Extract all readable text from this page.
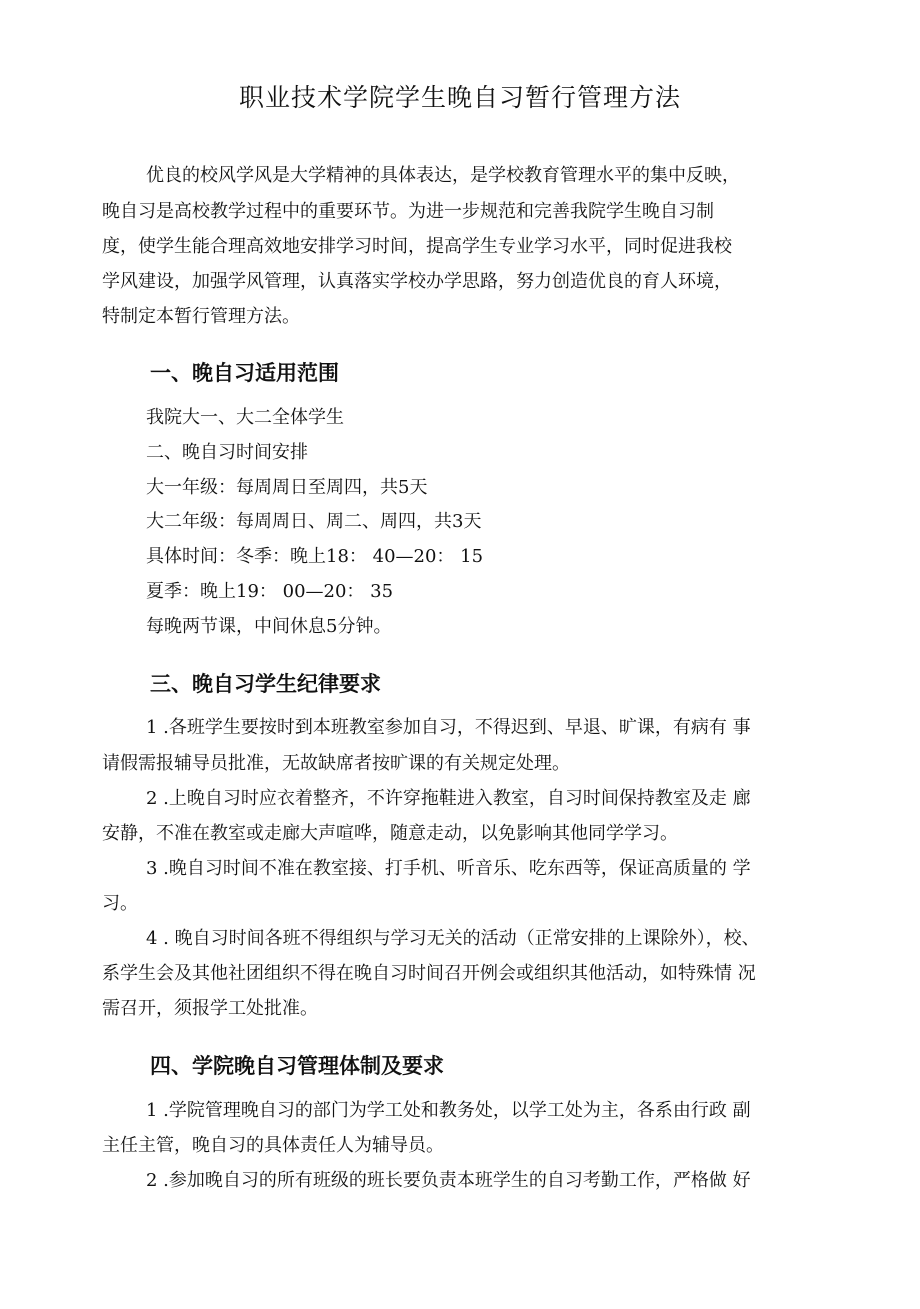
职业技术学院学生晚自习暂行管理方法
优良的校风学风是大学精神的具体表达，是学校教育管理水平的集中反映，
晚自习是高校教学过程中的重要环节。为进一步规范和完善我院学生晚自习制
度，使学生能合理高效地安排学习时间，提高学生专业学习水平，同时促进我校
学风建设，加强学风管理，认真落实学校办学思路，努力创造优良的育人环境，
特制定本暂行管理方法。
一、晚自习适用范围
我院大一、大二全体学生
二、晚自习时间安排
大一年级：每周周日至周四，共5天
大二年级：每周周日、周二、周四，共3天
具体时间：冬季：晚上18： 40—20： 15
夏季：晚上19： 00—20： 35
每晚两节课，中间休息5分钟。
三、晚自习学生纪律要求
1 .各班学生要按时到本班教室参加自习，不得迟到、早退、旷课，有病有 事
请假需报辅导员批准，无故缺席者按旷课的有关规定处理。
2 .上晚自习时应衣着整齐，不许穿拖鞋进入教室，自习时间保持教室及走 廊
安静，不准在教室或走廊大声喧哗，随意走动，以免影响其他同学学习。
3 .晚自习时间不准在教室接、打手机、听音乐、吃东西等，保证高质量的 学
习。
4 . 晚自习时间各班不得组织与学习无关的活动（正常安排的上课除外），校、
系学生会及其他社团组织不得在晚自习时间召开例会或组织其他活动，如特殊情 况
需召开，须报学工处批准。
四、学院晚自习管理体制及要求
1 .学院管理晚自习的部门为学工处和教务处，以学工处为主，各系由行政 副
主任主管，晚自习的具体责任人为辅导员。
2 .参加晚自习的所有班级的班长要负责本班学生的自习考勤工作，严格做 好
